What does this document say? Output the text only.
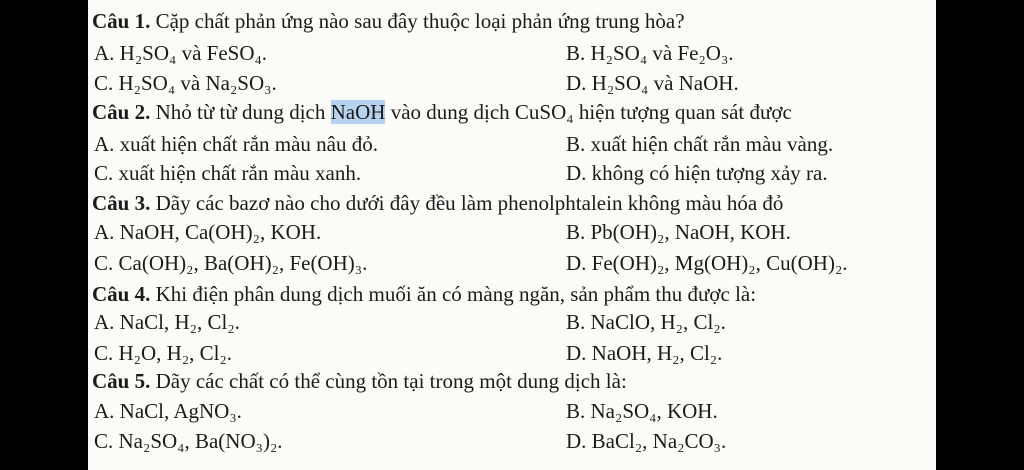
Câu 1. Cặp chất phản ứng nào sau đây thuộc loại phản ứng trung hòa?
A. H₂SO₄ và FeSO₄.	B. H₂SO₄ và Fe₂O₃.
C. H₂SO₄ và Na₂SO₃.	D. H₂SO₄ và NaOH.
Câu 2. Nhỏ từ từ dung dịch NaOH vào dung dịch CuSO₄ hiện tượng quan sát được
A. xuất hiện chất rắn màu nâu đỏ.	B. xuất hiện chất rắn màu vàng.
C. xuất hiện chất rắn màu xanh.	D. không có hiện tượng xảy ra.
Câu 3. Dãy các bazơ nào cho dưới đây đều làm phenolphtalein không màu hóa đỏ
A. NaOH, Ca(OH)₂, KOH.	B. Pb(OH)₂, NaOH, KOH.
C. Ca(OH)₂, Ba(OH)₂, Fe(OH)₃.	D. Fe(OH)₂, Mg(OH)₂, Cu(OH)₂.
Câu 4. Khi điện phân dung dịch muối ăn có màng ngăn, sản phẩm thu được là:
A. NaCl, H₂, Cl₂.	B. NaClO, H₂, Cl₂.
C. H₂O, H₂, Cl₂.	D. NaOH, H₂, Cl₂.
Câu 5. Dãy các chất có thể cùng tồn tại trong một dung dịch là:
A. NaCl, AgNO₃.	B. Na₂SO₄, KOH.
C. Na₂SO₄, Ba(NO₃)₂.	D. BaCl₂, Na₂CO₃.
